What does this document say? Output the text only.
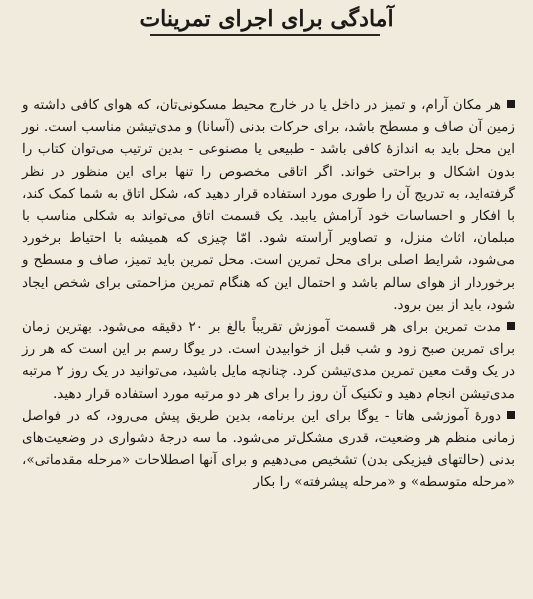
آمادگی برای اجرای تمرینات

هر مکان آرام، و تمیز در داخل یا در خارج محیط مسکونی‌تان، که هوای کافی داشته و زمین آن صاف و مسطح باشد، برای حرکات بدنی (آسانا) و مدی‌تیشن مناسب است. نور این محل باید به اندازهٔ کافی باشد - طبیعی یا مصنوعی - بدین ترتیب می‌توان کتاب را بدون اشکال و براحتی خواند. اگر اتاقی مخصوص را تنها برای این منظور در نظر گرفته‌اید، به تدریج آن را طوری مورد استفاده قرار دهید که، شکل اتاق به شما کمک کند، با افکار و احساسات خود آرامش یابید. یک قسمت اتاق می‌تواند به شکلی مناسب با مبلمان، اثاث منزل، و تصاویر آراسته شود. امّا چیزی که همیشه با احتیاط برخورد می‌شود، شرایط اصلی برای محل تمرین است. محل تمرین باید تمیز، صاف و مسطح و برخوردار از هوای سالم باشد و احتمال این که هنگام تمرین مزاحمتی برای شخص ایجاد شود، باید از بین برود.

مدت تمرین برای هر قسمت آموزش تقریباً بالغ بر ۲۰ دقیقه می‌شود. بهترین زمان برای تمرین صبح زود و شب قبل از خوابیدن است. در یوگا رسم بر این است که هر رز در یک وقت معین تمرین مدی‌تیشن کرد. چنانچه مایل باشید، می‌توانید در یک روز ۲ مرتبه مدی‌تیشن انجام دهید و تکنیک آن روز را برای هر دو مرتبه مورد استفاده قرار دهید.

دورهٔ آموزشی هاتا - یوگا برای این برنامه، بدین طریق پیش می‌رود، که در فواصل زمانی منظم هر وضعیت، قدری مشکل‌تر می‌شود. ما سه درجهٔ دشواری در وضعیت‌های بدنی (حالتهای فیزیکی بدن) تشخیص می‌دهیم و برای آنها اصطلاحات «مرحله مقدماتی»، «مرحله متوسطه» و «مرحله پیشرفته» را بکار
